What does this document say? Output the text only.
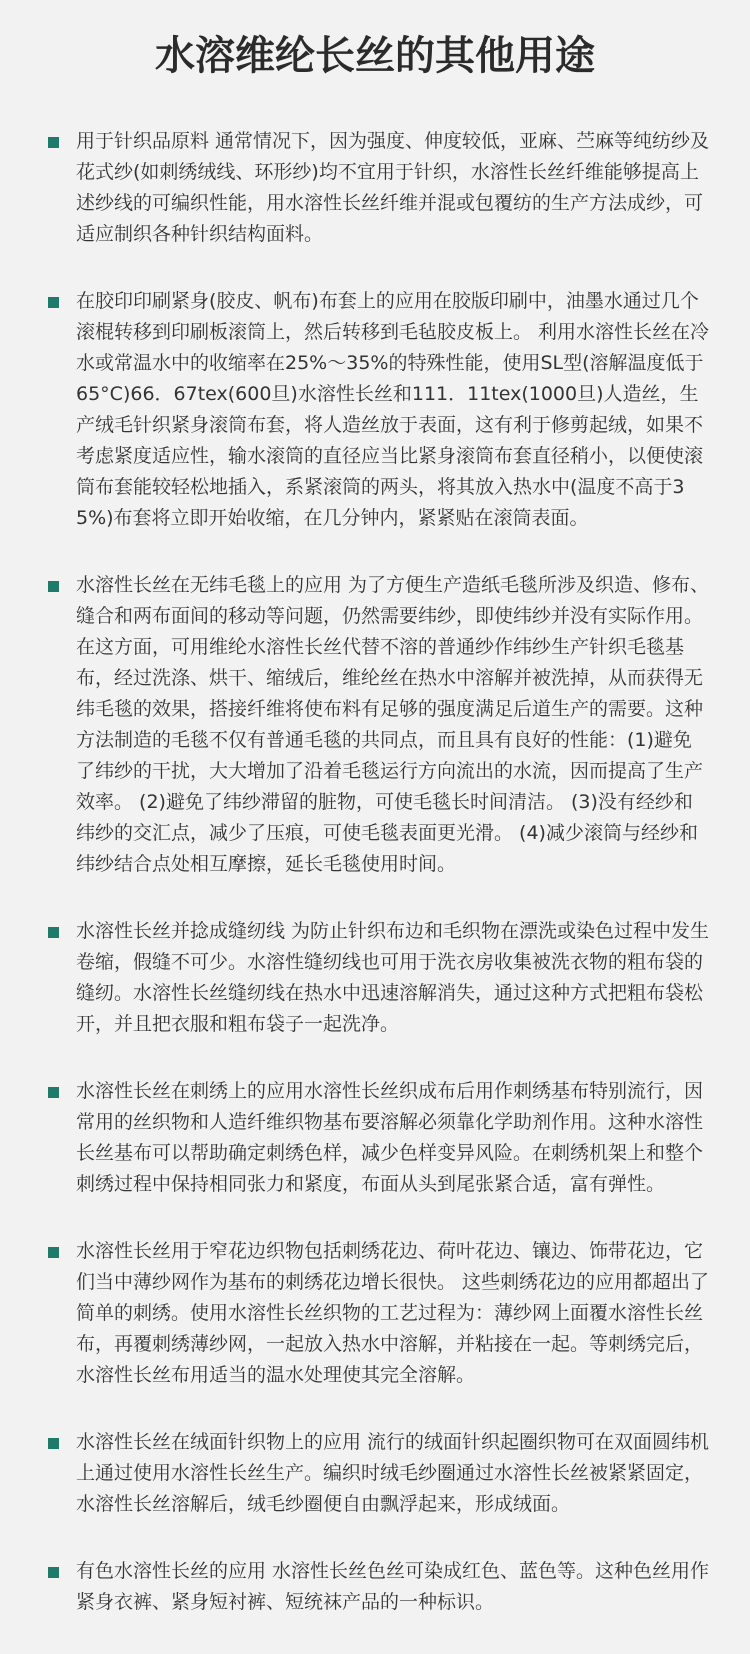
水溶维纶长丝的其他用途

用于针织品原料 通常情况下，因为强度、伸度较低，亚麻、苎麻等纯纺纱及花式纱(如刺绣绒线、环形纱)均不宜用于针织，水溶性长丝纤维能够提高上述纱线的可编织性能，用水溶性长丝纤维并混或包覆纺的生产方法成纱，可适应制织各种针织结构面料。

在胶印印刷紧身(胶皮、帆布)布套上的应用在胶版印刷中，油墨水通过几个滚棍转移到印刷板滚筒上，然后转移到毛毡胶皮板上。 利用水溶性长丝在冷水或常温水中的收缩率在25%～35%的特殊性能，使用SL型(溶解温度低于65°C)66．67tex(600旦)水溶性长丝和111．11tex(1000旦)人造丝，生产绒毛针织紧身滚筒布套，将人造丝放于表面，这有利于修剪起绒，如果不考虑紧度适应性，输水滚筒的直径应当比紧身滚筒布套直径稍小，以便使滚筒布套能较轻松地插入，系紧滚筒的两头，将其放入热水中(温度不高于35%)布套将立即开始收缩，在几分钟内，紧紧贴在滚筒表面。

水溶性长丝在无纬毛毯上的应用 为了方便生产造纸毛毯所涉及织造、修布、缝合和两布面间的移动等问题，仍然需要纬纱，即使纬纱并没有实际作用。在这方面，可用维纶水溶性长丝代替不溶的普通纱作纬纱生产针织毛毯基布，经过洗涤、烘干、缩绒后，维纶丝在热水中溶解并被洗掉，从而获得无纬毛毯的效果，搭接纤维将使布料有足够的强度满足后道生产的需要。这种方法制造的毛毯不仅有普通毛毯的共同点，而且具有良好的性能：(1)避免了纬纱的干扰，大大增加了沿着毛毯运行方向流出的水流，因而提高了生产效率。 (2)避免了纬纱滞留的脏物，可使毛毯长时间清洁。 (3)没有经纱和纬纱的交汇点，减少了压痕，可使毛毯表面更光滑。 (4)减少滚筒与经纱和纬纱结合点处相互摩擦，延长毛毯使用时间。

水溶性长丝并捻成缝纫线 为防止针织布边和毛织物在漂洗或染色过程中发生卷缩，假缝不可少。水溶性缝纫线也可用于洗衣房收集被洗衣物的粗布袋的缝纫。水溶性长丝缝纫线在热水中迅速溶解消失，通过这种方式把粗布袋松开，并且把衣服和粗布袋子一起洗净。

水溶性长丝在刺绣上的应用水溶性长丝织成布后用作刺绣基布特别流行，因常用的丝织物和人造纤维织物基布要溶解必须靠化学助剂作用。这种水溶性长丝基布可以帮助确定刺绣色样，减少色样变异风险。在刺绣机架上和整个刺绣过程中保持相同张力和紧度，布面从头到尾张紧合适，富有弹性。

水溶性长丝用于窄花边织物包括刺绣花边、荷叶花边、镶边、饰带花边，它们当中薄纱网作为基布的刺绣花边增长很快。 这些刺绣花边的应用都超出了简单的刺绣。使用水溶性长丝织物的工艺过程为：薄纱网上面覆水溶性长丝布，再覆刺绣薄纱网，一起放入热水中溶解，并粘接在一起。等刺绣完后，水溶性长丝布用适当的温水处理使其完全溶解。

水溶性长丝在绒面针织物上的应用 流行的绒面针织起圈织物可在双面圆纬机上通过使用水溶性长丝生产。编织时绒毛纱圈通过水溶性长丝被紧紧固定，水溶性长丝溶解后，绒毛纱圈便自由飘浮起来，形成绒面。

有色水溶性长丝的应用 水溶性长丝色丝可染成红色、蓝色等。这种色丝用作紧身衣裤、紧身短衬裤、短统袜产品的一种标识。
